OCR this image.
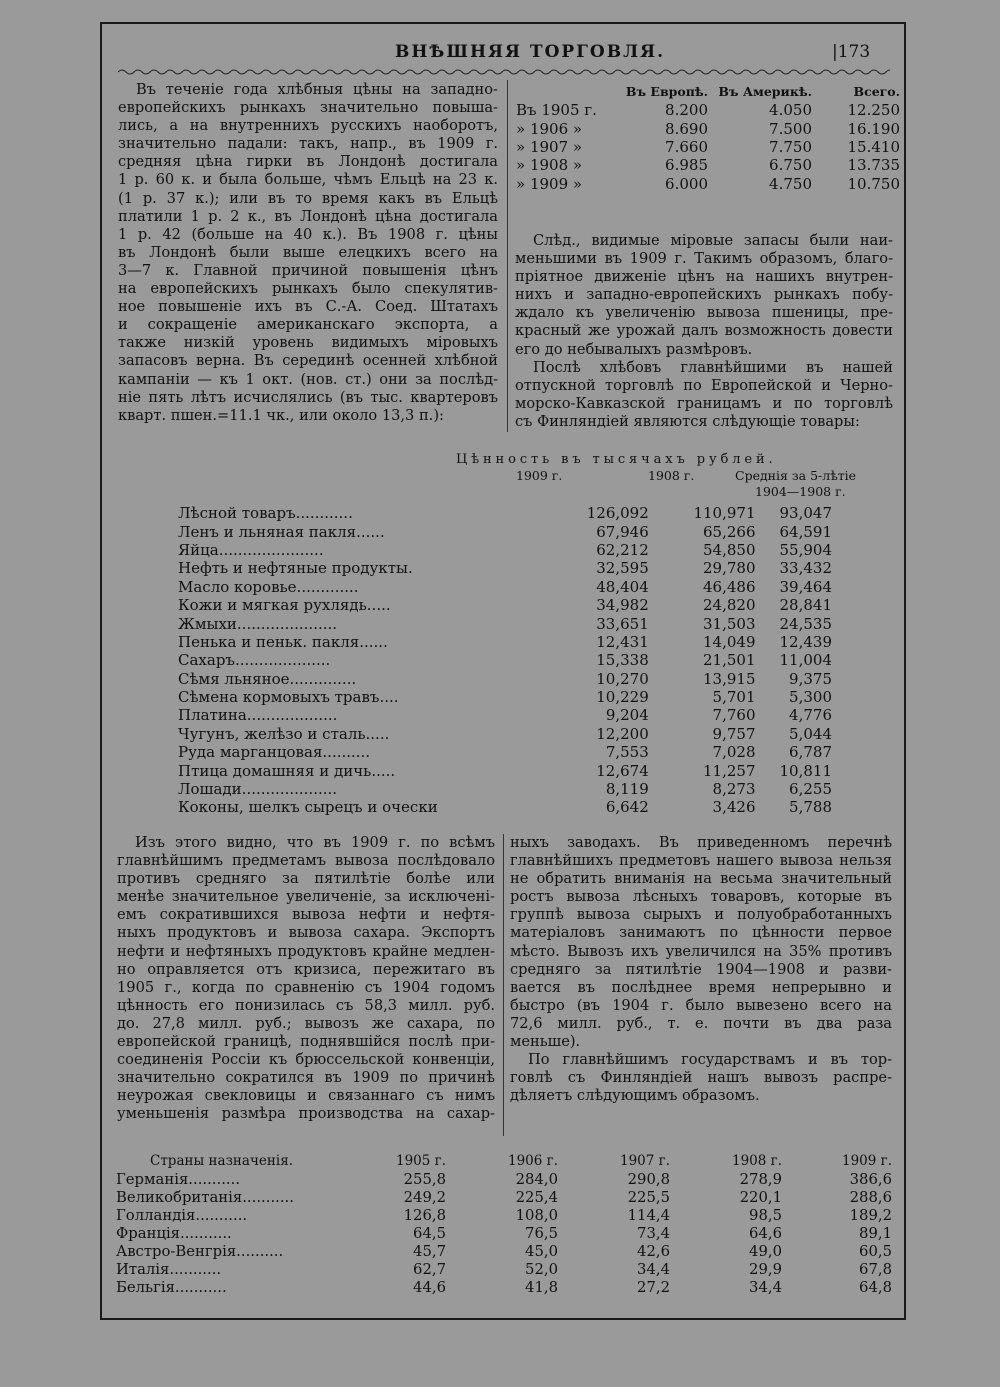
ВНѢШНЯЯ ТОРГОВЛЯ.	|173
Въ теченіе года хлѣбныя цѣны на западно-
европейскихъ рынкахъ значительно повыша-
лись, а на внутреннихъ русскихъ наоборотъ,
значительно падали: такъ, напр., въ 1909 г.
средняя цѣна гирки въ Лондонѣ достигала
1 р. 60 к. и была больше, чѣмъ Ельцѣ на 23 к.
(1 р. 37 к.); или въ то время какъ въ Ельцѣ
платили 1 р. 2 к., въ Лондонѣ цѣна достигала
1 р. 42 (больше на 40 к.). Въ 1908 г. цѣны
въ Лондонѣ были выше елецкихъ всего на
3—7 к. Главной причиной повышенія цѣнъ
на европейскихъ рынкахъ было спекулятив-
ное повышеніе ихъ въ С.-А. Соед. Штатахъ
и сокращеніе американскаго экспорта, а
также низкій уровень видимыхъ міровыхъ
запасовъ верна. Въ серединѣ осенней хлѣбной
кампаніи — къ 1 окт. (нов. ст.) они за послѣд-
ніе пять лѣтъ исчислялись (въ тыс. квартеровъ
кварт. пшен.=11.1 чк., или около 13,3 п.):
	Въ Европѣ.	Въ Америкѣ.	Всего.
Въ 1905 г.	8.200	4.050	12.250
» 1906 »	8.690	7.500	16.190
» 1907 »	7.660	7.750	15.410
» 1908 »	6.985	6.750	13.735
» 1909 »	6.000	4.750	10.750
Слѣд., видимые міровые запасы были наи-
меньшими въ 1909 г. Такимъ образомъ, благо-
пріятное движеніе цѣнъ на нашихъ внутрен-
нихъ и западно-европейскихъ рынкахъ побу-
ждало къ увеличенію вывоза пшеницы, пре-
красный же урожай далъ возможность довести
его до небывалыхъ размѣровъ.
Послѣ хлѣбовъ главнѣйшими въ нашей
отпускной торговлѣ по Европейской и Черно-
морско-Кавказской границамъ и по торговлѣ
съ Финляндіей являются слѣдующіе товары:
Цѣнность въ тысячахъ рублей.
1909 г.	1908 г.	Среднія за 5-лѣтіе
1904—1908 г.
Лѣсной товаръ............		126,092	110,971	93,047
Ленъ и льняная пакля......		67,946	65,266	64,591
Яйца......................		62,212	54,850	55,904
Нефть и нефтяные продукты.		32,595	29,780	33,432
Масло коровье.............		48,404	46,486	39,464
Кожи и мягкая рухлядь.....		34,982	24,820	28,841
Жмыхи.....................		33,651	31,503	24,535
Пенька и пеньк. пакля......		12,431	14,049	12,439
Сахаръ....................		15,338	21,501	11,004
Сѣмя льняное..............		10,270	13,915	9,375
Сѣмена кормовыхъ травъ....		10,229	5,701	5,300
Платина...................		9,204	7,760	4,776
Чугунъ, желѣзо и сталь.....		12,200	9,757	5,044
Руда марганцовая..........		7,553	7,028	6,787
Птица домашняя и дичь.....		12,674	11,257	10,811
Лошади....................		8,119	8,273	6,255
Коконы, шелкъ сырецъ и очески		6,642	3,426	5,788
Изъ этого видно, что въ 1909 г. по всѣмъ
главнѣйшимъ предметамъ вывоза послѣдовало
противъ средняго за пятилѣтіе болѣе или
менѣе значительное увеличеніе, за исключені-
емъ сократившихся вывоза нефти и нефтя-
ныхъ продуктовъ и вывоза сахара. Экспортъ
нефти и нефтяныхъ продуктовъ крайне медлен-
но оправляется отъ кризиса, пережитаго въ
1905 г., когда по сравненію съ 1904 годомъ
цѣнность его понизилась съ 58,3 милл. руб.
до. 27,8 милл. руб.; вывозъ же сахара, по
европейской границѣ, поднявшійся послѣ при-
соединенія Россіи къ брюссельской конвенціи,
значительно сократился въ 1909 по причинѣ
неурожая свекловицы и связаннаго съ нимъ
уменьшенія размѣра производства на сахар-
ныхъ заводахъ. Въ приведенномъ перечнѣ
главнѣйшихъ предметовъ нашего вывоза нельзя
не обратить вниманія на весьма значительный
ростъ вывоза лѣсныхъ товаровъ, которые въ
группѣ вывоза сырыхъ и полуобработанныхъ
матеріаловъ занимаютъ по цѣнности первое
мѣсто. Вывозъ ихъ увеличился на 35% противъ
средняго за пятилѣтіе 1904—1908 и разви-
вается въ послѣднее время непрерывно и
быстро (въ 1904 г. было вывезено всего на
72,6 милл. руб., т. е. почти въ два раза
меньше).
По главнѣйшимъ государствамъ и въ тор-
говлѣ съ Финляндіей нашъ вывозъ распре-
дѣляетъ слѣдующимъ образомъ.
Страны назначенія.	1905 г.	1906 г.	1907 г.	1908 г.	1909 г.
Германія...........	255,8	284,0	290,8	278,9	386,6
Великобританія...........	249,2	225,4	225,5	220,1	288,6
Голландія...........	126,8	108,0	114,4	98,5	189,2
Франція...........	64,5	76,5	73,4	64,6	89,1
Австро-Венгрія..........	45,7	45,0	42,6	49,0	60,5
Италія...........	62,7	52,0	34,4	29,9	67,8
Бельгія...........	44,6	41,8	27,2	34,4	64,8
